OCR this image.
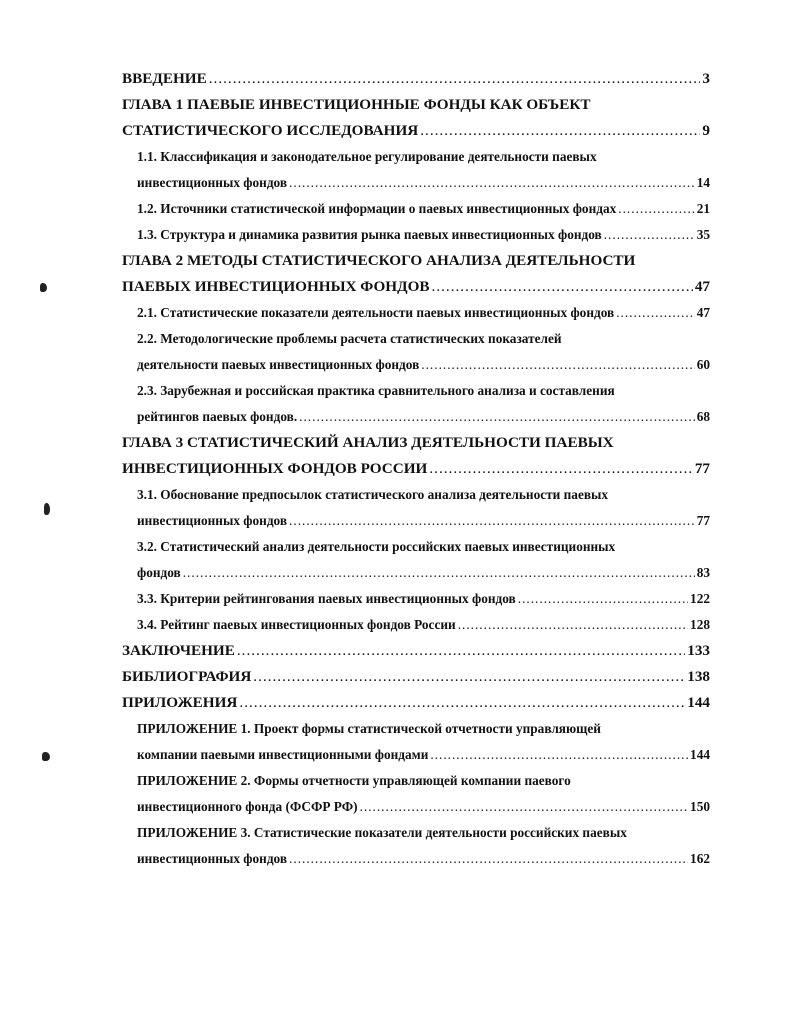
ВВЕДЕНИЕ .....	3
ГЛАВА 1 ПАЕВЫЕ ИНВЕСТИЦИОННЫЕ ФОНДЫ КАК ОБЪЕКТ
СТАТИСТИЧЕСКОГО ИССЛЕДОВАНИЯ .....	9
1.1. Классификация и законодательное регулирование деятельности паевых
инвестиционных фондов .....	14
1.2. Источники статистической информации о паевых инвестиционных фондах .....	21
1.3. Структура и динамика развития рынка паевых инвестиционных фондов .....	35
ГЛАВА 2 МЕТОДЫ СТАТИСТИЧЕСКОГО АНАЛИЗА ДЕЯТЕЛЬНОСТИ
ПАЕВЫХ ИНВЕСТИЦИОННЫХ ФОНДОВ .....	47
2.1. Статистические показатели деятельности паевых инвестиционных фондов .....	47
2.2. Методологические проблемы расчета статистических показателей
деятельности паевых инвестиционных фондов .....	60
2.3. Зарубежная и российская практика сравнительного анализа и составления
рейтингов паевых фондов. .....	68
ГЛАВА 3 СТАТИСТИЧЕСКИЙ АНАЛИЗ ДЕЯТЕЛЬНОСТИ ПАЕВЫХ
ИНВЕСТИЦИОННЫХ ФОНДОВ РОССИИ .....	77
3.1. Обоснование предпосылок статистического анализа деятельности паевых
инвестиционных фондов .....	77
3.2. Статистический анализ деятельности российских паевых инвестиционных
фондов .....	83
3.3. Критерии рейтингования паевых инвестиционных фондов .....	122
3.4. Рейтинг паевых инвестиционных фондов России .....	128
ЗАКЛЮЧЕНИЕ .....	133
БИБЛИОГРАФИЯ .....	138
ПРИЛОЖЕНИЯ .....	144
ПРИЛОЖЕНИЕ 1. Проект формы статистической отчетности управляющей
компании паевыми инвестиционными фондами .....	144
ПРИЛОЖЕНИЕ 2. Формы отчетности управляющей компании паевого
инвестиционного фонда (ФСФР РФ) .....	150
ПРИЛОЖЕНИЕ 3. Статистические показатели деятельности российских паевых
инвестиционных фондов .....	162
